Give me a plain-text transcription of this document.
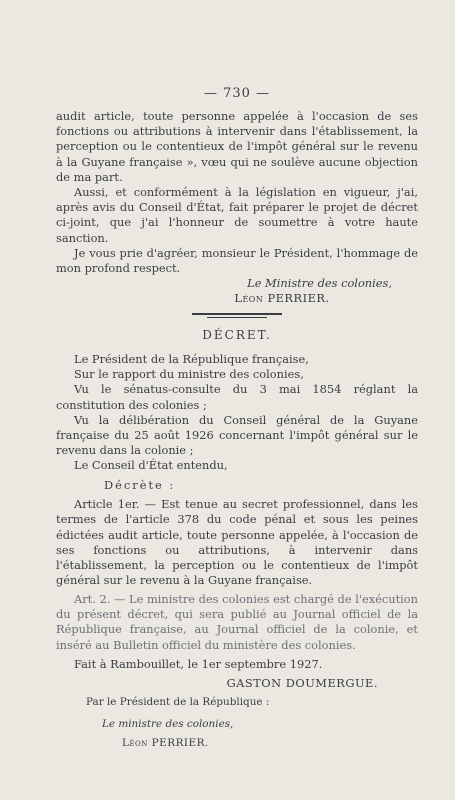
— 730 —

audit article, toute personne appelée à l'occasion de ses fonctions ou attributions à intervenir dans l'établissement, la perception ou le contentieux de l'impôt général sur le revenu à la Guyane française », vœu qui ne soulève aucune objection de ma part.

Aussi, et conformément à la législation en vigueur, j'ai, après avis du Conseil d'État, fait préparer le projet de décret ci-joint, que j'ai l'honneur de soumettre à votre haute sanction.

Je vous prie d'agréer, monsieur le Président, l'hommage de mon profond respect.

Le Ministre des colonies,

Léon PERRIER.

DÉCRET.

Le Président de la République française,

Sur le rapport du ministre des colonies,

Vu le sénatus-consulte du 3 mai 1854 réglant la constitution des colonies ;

Vu la délibération du Conseil général de la Guyane française du 25 août 1926 concernant l'impôt général sur le revenu dans la colonie ;

Le Conseil d'État entendu,

Décrète :

Article 1er. — Est tenue au secret professionnel, dans les termes de l'article 378 du code pénal et sous les peines édictées audit article, toute personne appelée, à l'occasion de ses fonctions ou attributions, à intervenir dans l'établissement, la perception ou le contentieux de l'impôt général sur le revenu à la Guyane française.

Art. 2. — Le ministre des colonies est chargé de l'exécution du présent décret, qui sera publié au Journal officiel de la République française, au Journal officiel de la colonie, et inséré au Bulletin officiel du ministère des colonies.

Fait à Rambouillet, le 1er septembre 1927.

GASTON DOUMERGUE.

Par le Président de la République :

Le ministre des colonies,

Léon PERRIER.
